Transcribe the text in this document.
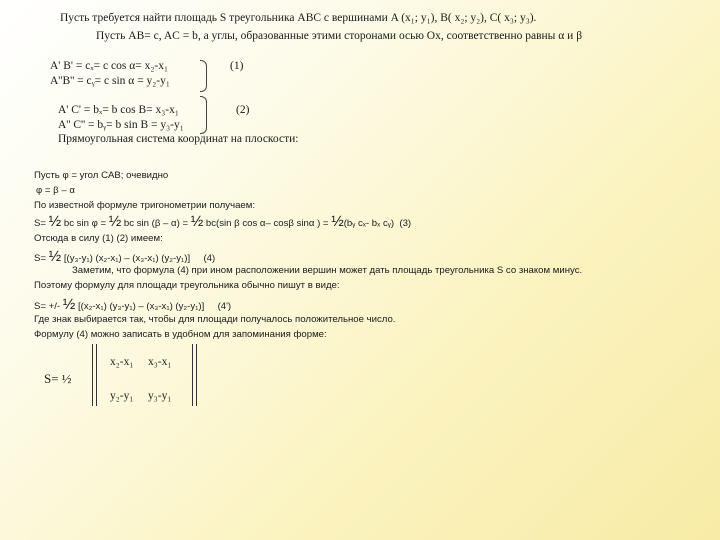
Пусть требуется найти площадь S треугольника ABC с вершинами A (x₁; y₁), B( x₂; y₂), C( x₃; y₃).
Пусть AB= c, AC = b, а углы, образованные этими сторонами осью Ox, соответственно равны α и β
A' B' = cₓ= c cos α= x₂-x₁
A''B'' = cᵧ= c sin α = y₂-y₁
(1)
A' C' = bₓ= b cos B= x₃-x₁
A'' C'' = bᵧ= b sin B = y₃-y₁
(2)
Прямоугольная система координат на плоскости:
Пусть φ = угол CAB; очевидно
φ = β – α
По известной формуле тригонометрии получаем:
S= ½ bc sin φ = ½ bc sin (β – α) = ½ bc(sin β cos α– cosβ sinα ) = ½(bᵧ cₓ- bₓ cᵧ) (3)
Отсюда в силу (1) (2) имеем:
S= ½ [(y₃-y₁) (x₂-x₁) – (x₃-x₁) (y₂-y₁)] (4)
Заметим, что формула (4) при ином расположении вершин может дать площадь треугольника S со знаком минус.
Поэтому формулу для площади треугольника обычно пишут в виде:
S= +/- ½ [(x₂-x₁) (y₃-y₁) – (x₃-x₁) (y₂-y₁)] (4')
Где знак выбирается так, чтобы для площади получалось положительное число.
Формулу (4) можно записать в удобном для запоминания форме:
S= ½
x₂-x₁ x₃-x₁
y₂-y₁ y₃-y₁
